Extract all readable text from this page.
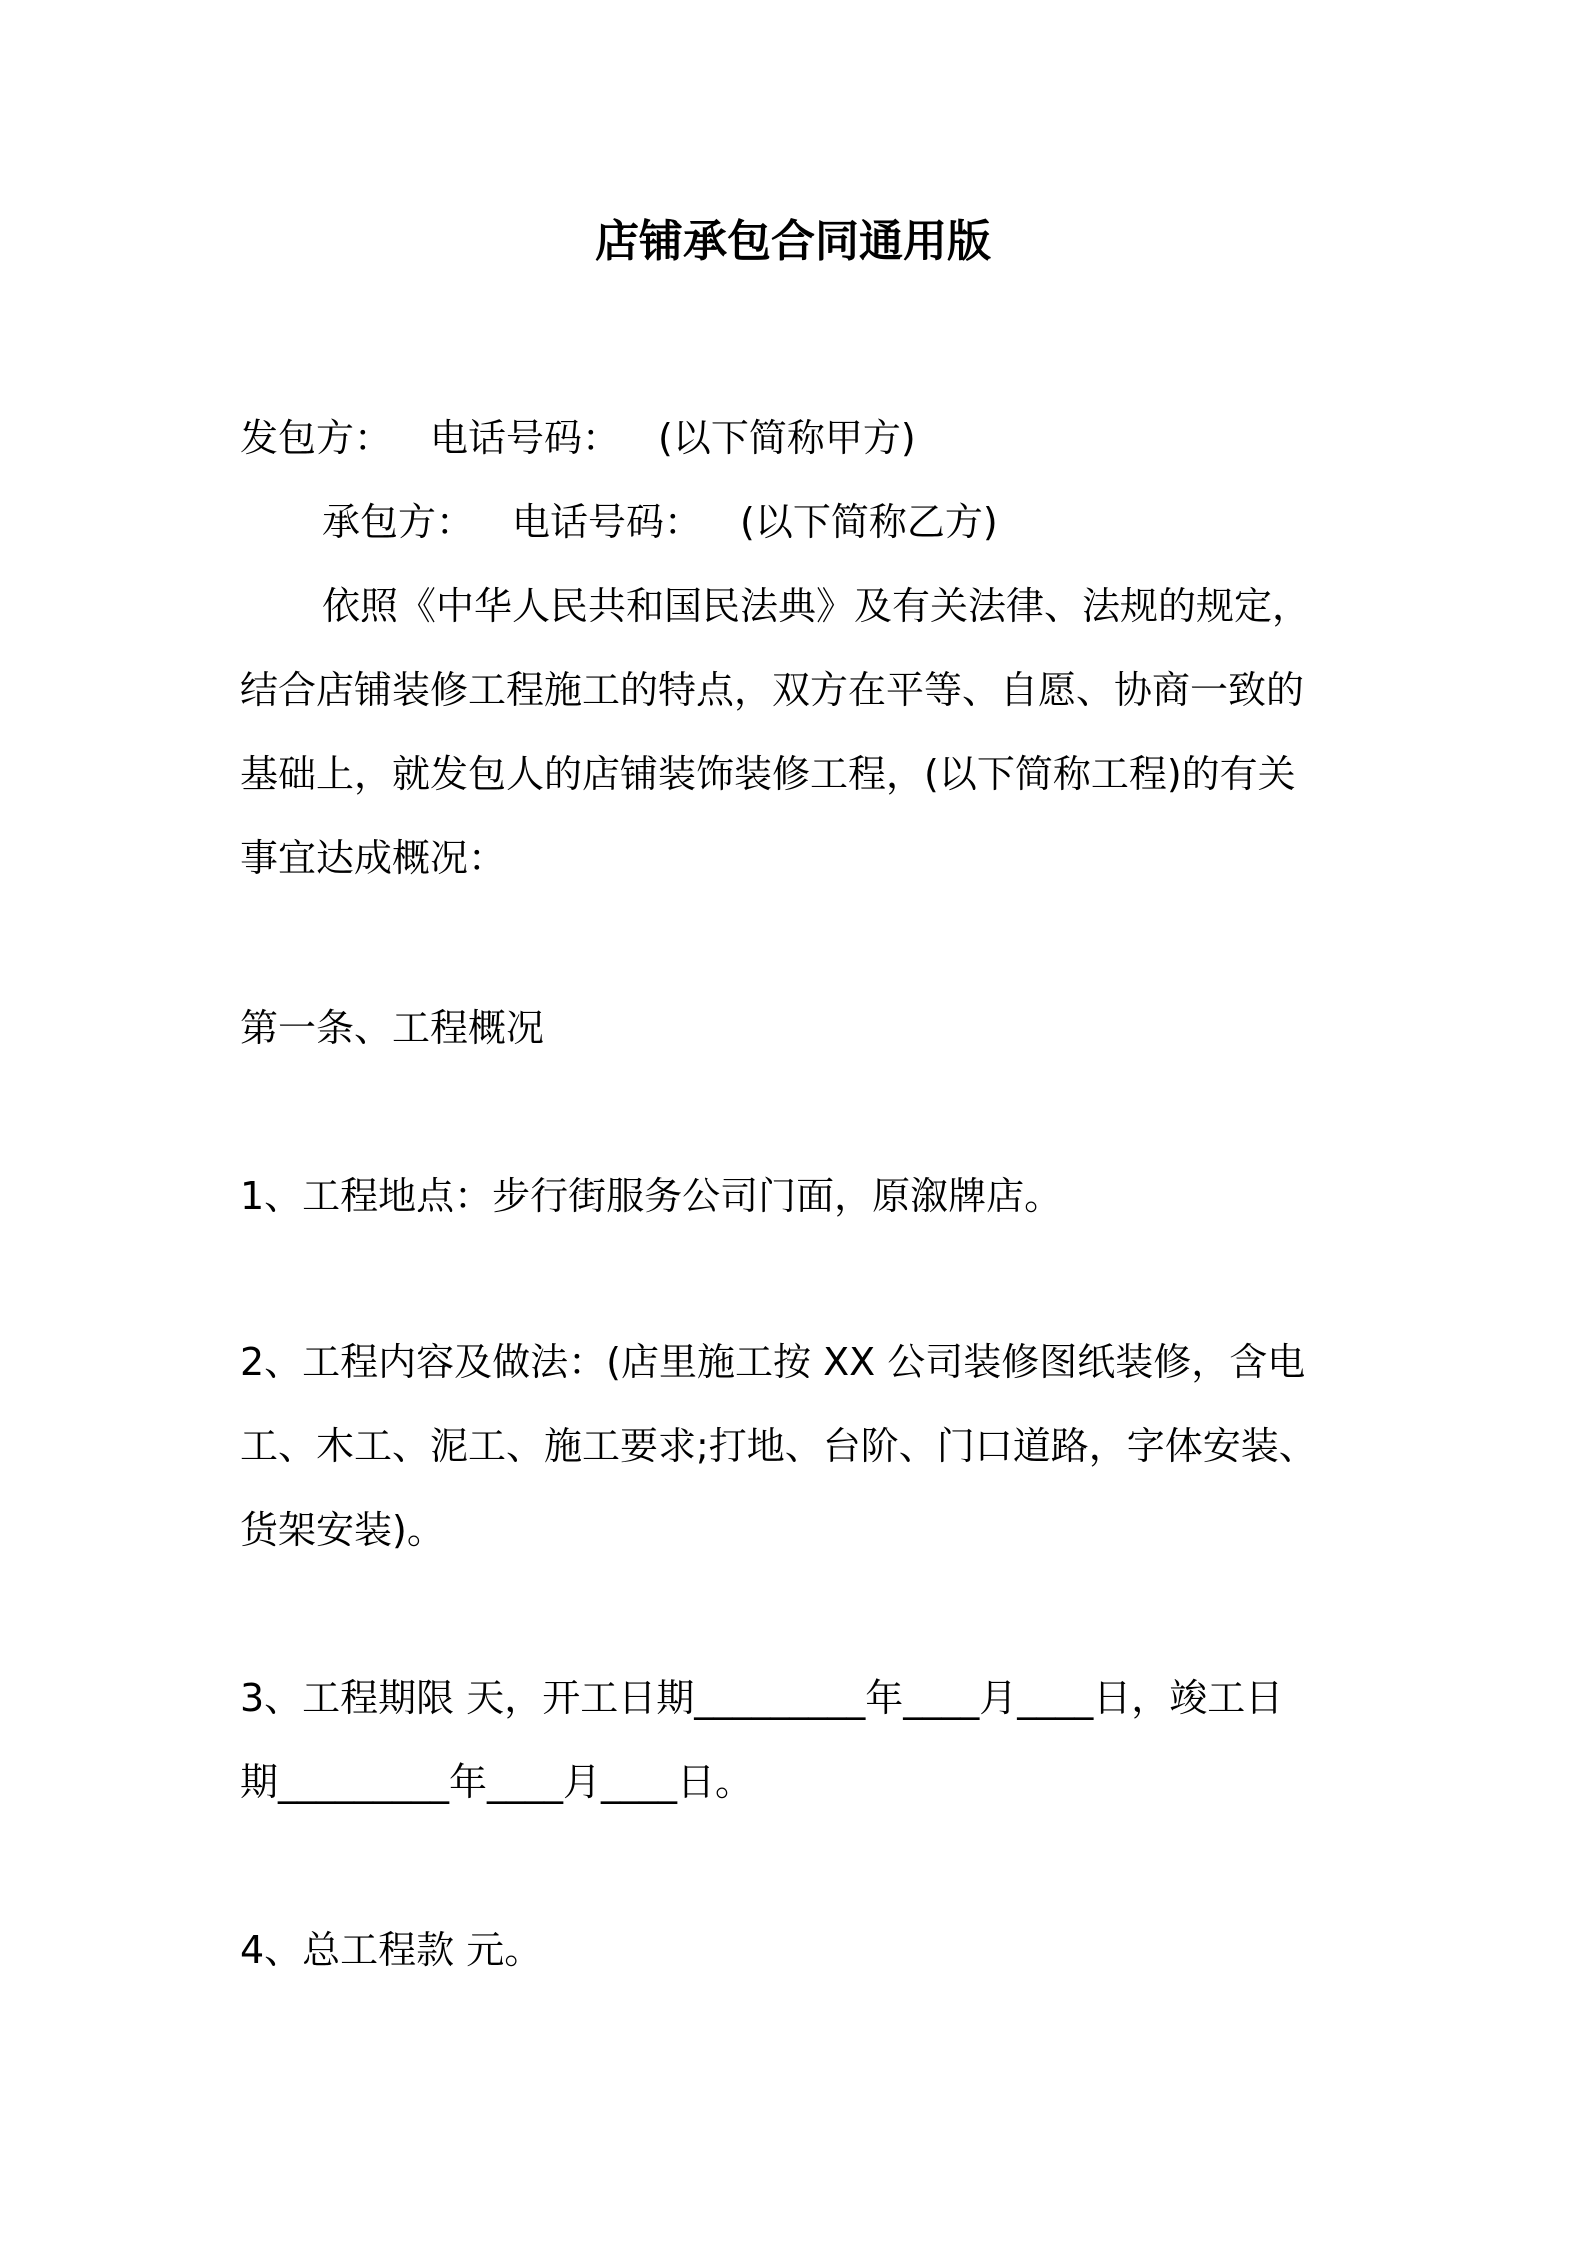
店铺承包合同通用版
发包方： 电话号码： (以下简称甲方)
承包方： 电话号码： (以下简称乙方)
依照《中华人民共和国民法典》及有关法律、法规的规定，
结合店铺装修工程施工的特点，双方在平等、自愿、协商一致的
基础上，就发包人的店铺装饰装修工程，(以下简称工程)的有关
事宜达成概况：
第一条、工程概况
1、工程地点：步行街服务公司门面，原溆牌店。
2、工程内容及做法：(店里施工按 XX 公司装修图纸装修，含电
工、木工、泥工、施工要求;打地、台阶、门口道路，字体安装、
货架安装)。
3、工程期限 天，开工日期_________年____月____日，竣工日
期_________年____月____日。
4、总工程款 元。
